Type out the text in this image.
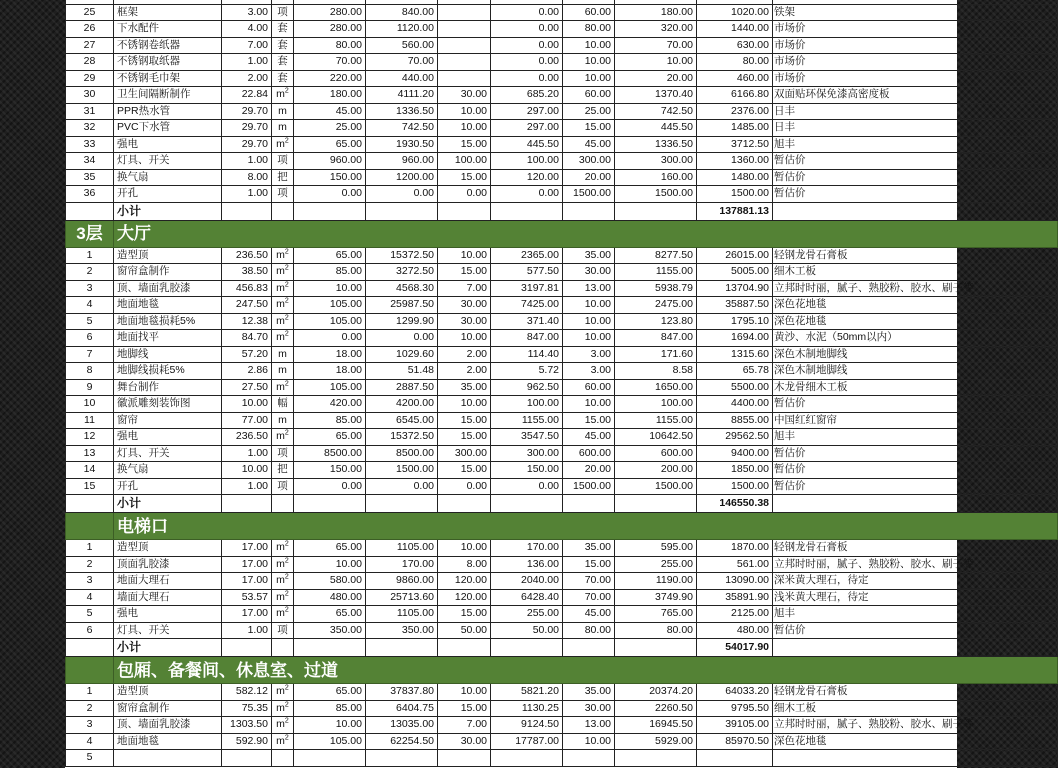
25	框架	3.00	项	280.00	840.00		0.00	60.00	180.00	1020.00	铁架
26	下水配件	4.00	套	280.00	1120.00		0.00	80.00	320.00	1440.00	市场价
27	不锈钢卷纸器	7.00	套	80.00	560.00		0.00	10.00	70.00	630.00	市场价
28	不锈钢取纸器	1.00	套	70.00	70.00		0.00	10.00	10.00	80.00	市场价
29	不锈钢毛巾架	2.00	套	220.00	440.00		0.00	10.00	20.00	460.00	市场价
30	卫生间隔断制作	22.84	$m^2$	180.00	4111.20	30.00	685.20	60.00	1370.40	6166.80	双面贴环保免漆高密度板
31	PPR热水管	29.70	m	45.00	1336.50	10.00	297.00	25.00	742.50	2376.00	日丰
32	PVC下水管	29.70	m	25.00	742.50	10.00	297.00	15.00	445.50	1485.00	日丰
33	强电	29.70	$m^2$	65.00	1930.50	15.00	445.50	45.00	1336.50	3712.50	旭丰
34	灯具、开关	1.00	项	960.00	960.00	100.00	100.00	300.00	300.00	1360.00	暂估价
35	换气扇	8.00	把	150.00	1200.00	15.00	120.00	20.00	160.00	1480.00	暂估价
36	开孔	1.00	项	0.00	0.00	0.00	0.00	1500.00	1500.00	1500.00	暂估价
	小计									137881.13	
3层	大厅										
1	造型顶	236.50	$m^2$	65.00	15372.50	10.00	2365.00	35.00	8277.50	26015.00	轻钢龙骨石膏板
2	窗帘盒制作	38.50	$m^2$	85.00	3272.50	15.00	577.50	30.00	1155.00	5005.00	细木工板
3	顶、墙面乳胶漆	456.83	$m^2$	10.00	4568.30	7.00	3197.81	13.00	5938.79	13704.90	立邦时时丽，腻子、熟胶粉、胶水、刷子等
4	地面地毯	247.50	$m^2$	105.00	25987.50	30.00	7425.00	10.00	2475.00	35887.50	深色花地毯
5	地面地毯损耗5%	12.38	$m^2$	105.00	1299.90	30.00	371.40	10.00	123.80	1795.10	深色花地毯
6	地面找平	84.70	$m^2$	0.00	0.00	10.00	847.00	10.00	847.00	1694.00	黄沙、水泥（50mm以内）
7	地脚线	57.20	m	18.00	1029.60	2.00	114.40	3.00	171.60	1315.60	深色木制地脚线
8	地脚线损耗5%	2.86	m	18.00	51.48	2.00	5.72	3.00	8.58	65.78	深色木制地脚线
9	舞台制作	27.50	$m^2$	105.00	2887.50	35.00	962.50	60.00	1650.00	5500.00	木龙骨细木工板
10	徽派雕刻装饰图	10.00	幅	420.00	4200.00	10.00	100.00	10.00	100.00	4400.00	暂估价
11	窗帘	77.00	m	85.00	6545.00	15.00	1155.00	15.00	1155.00	8855.00	中国红红窗帘
12	强电	236.50	$m^2$	65.00	15372.50	15.00	3547.50	45.00	10642.50	29562.50	旭丰
13	灯具、开关	1.00	项	8500.00	8500.00	300.00	300.00	600.00	600.00	9400.00	暂估价
14	换气扇	10.00	把	150.00	1500.00	15.00	150.00	20.00	200.00	1850.00	暂估价
15	开孔	1.00	项	0.00	0.00	0.00	0.00	1500.00	1500.00	1500.00	暂估价
	小计									146550.38	
	电梯口										
1	造型顶	17.00	$m^2$	65.00	1105.00	10.00	170.00	35.00	595.00	1870.00	轻钢龙骨石膏板
2	顶面乳胶漆	17.00	$m^2$	10.00	170.00	8.00	136.00	15.00	255.00	561.00	立邦时时丽，腻子、熟胶粉、胶水、刷子等
3	地面大理石	17.00	$m^2$	580.00	9860.00	120.00	2040.00	70.00	1190.00	13090.00	深米黄大理石，待定
4	墙面大理石	53.57	$m^2$	480.00	25713.60	120.00	6428.40	70.00	3749.90	35891.90	浅米黄大理石，待定
5	强电	17.00	$m^2$	65.00	1105.00	15.00	255.00	45.00	765.00	2125.00	旭丰
6	灯具、开关	1.00	项	350.00	350.00	50.00	50.00	80.00	80.00	480.00	暂估价
	小计									54017.90	
	包厢、备餐间、休息室、过道										
1	造型顶	582.12	$m^2$	65.00	37837.80	10.00	5821.20	35.00	20374.20	64033.20	轻钢龙骨石膏板
2	窗帘盒制作	75.35	$m^2$	85.00	6404.75	15.00	1130.25	30.00	2260.50	9795.50	细木工板
3	顶、墙面乳胶漆	1303.50	$m^2$	10.00	13035.00	7.00	9124.50	13.00	16945.50	39105.00	立邦时时丽，腻子、熟胶粉、胶水、刷子等
4	地面地毯	592.90	$m^2$	105.00	62254.50	30.00	17787.00	10.00	5929.00	85970.50	深色花地毯
5											
